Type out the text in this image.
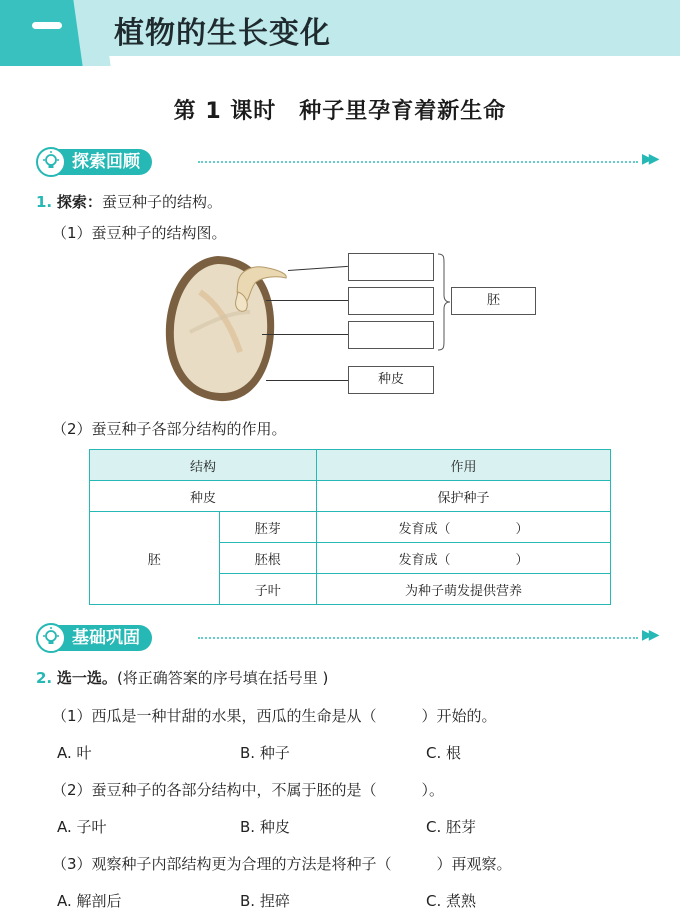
植物的生长变化
第 1 课时　种子里孕育着新生命
探索回顾	▶▶
1. 探索：蚕豆种子的结构。
（1）蚕豆种子的结构图。
胚
种皮
（2）蚕豆种子各部分结构的作用。
结构		作用
种皮		保护种子
胚	胚芽	发育成（　　　　　）
	胚根	发育成（　　　　　）
	子叶	为种子萌发提供营养
基础巩固	▶▶
2. 选一选。(将正确答案的序号填在括号里 )
（1）西瓜是一种甘甜的水果，西瓜的生命是从（　　　）开始的。
A. 叶	B. 种子	C. 根
（2）蚕豆种子的各部分结构中，不属于胚的是（　　　）。
A. 子叶	B. 种皮	C. 胚芽
（3）观察种子内部结构更为合理的方法是将种子（　　　）再观察。
A. 解剖后	B. 捏碎	C. 煮熟
